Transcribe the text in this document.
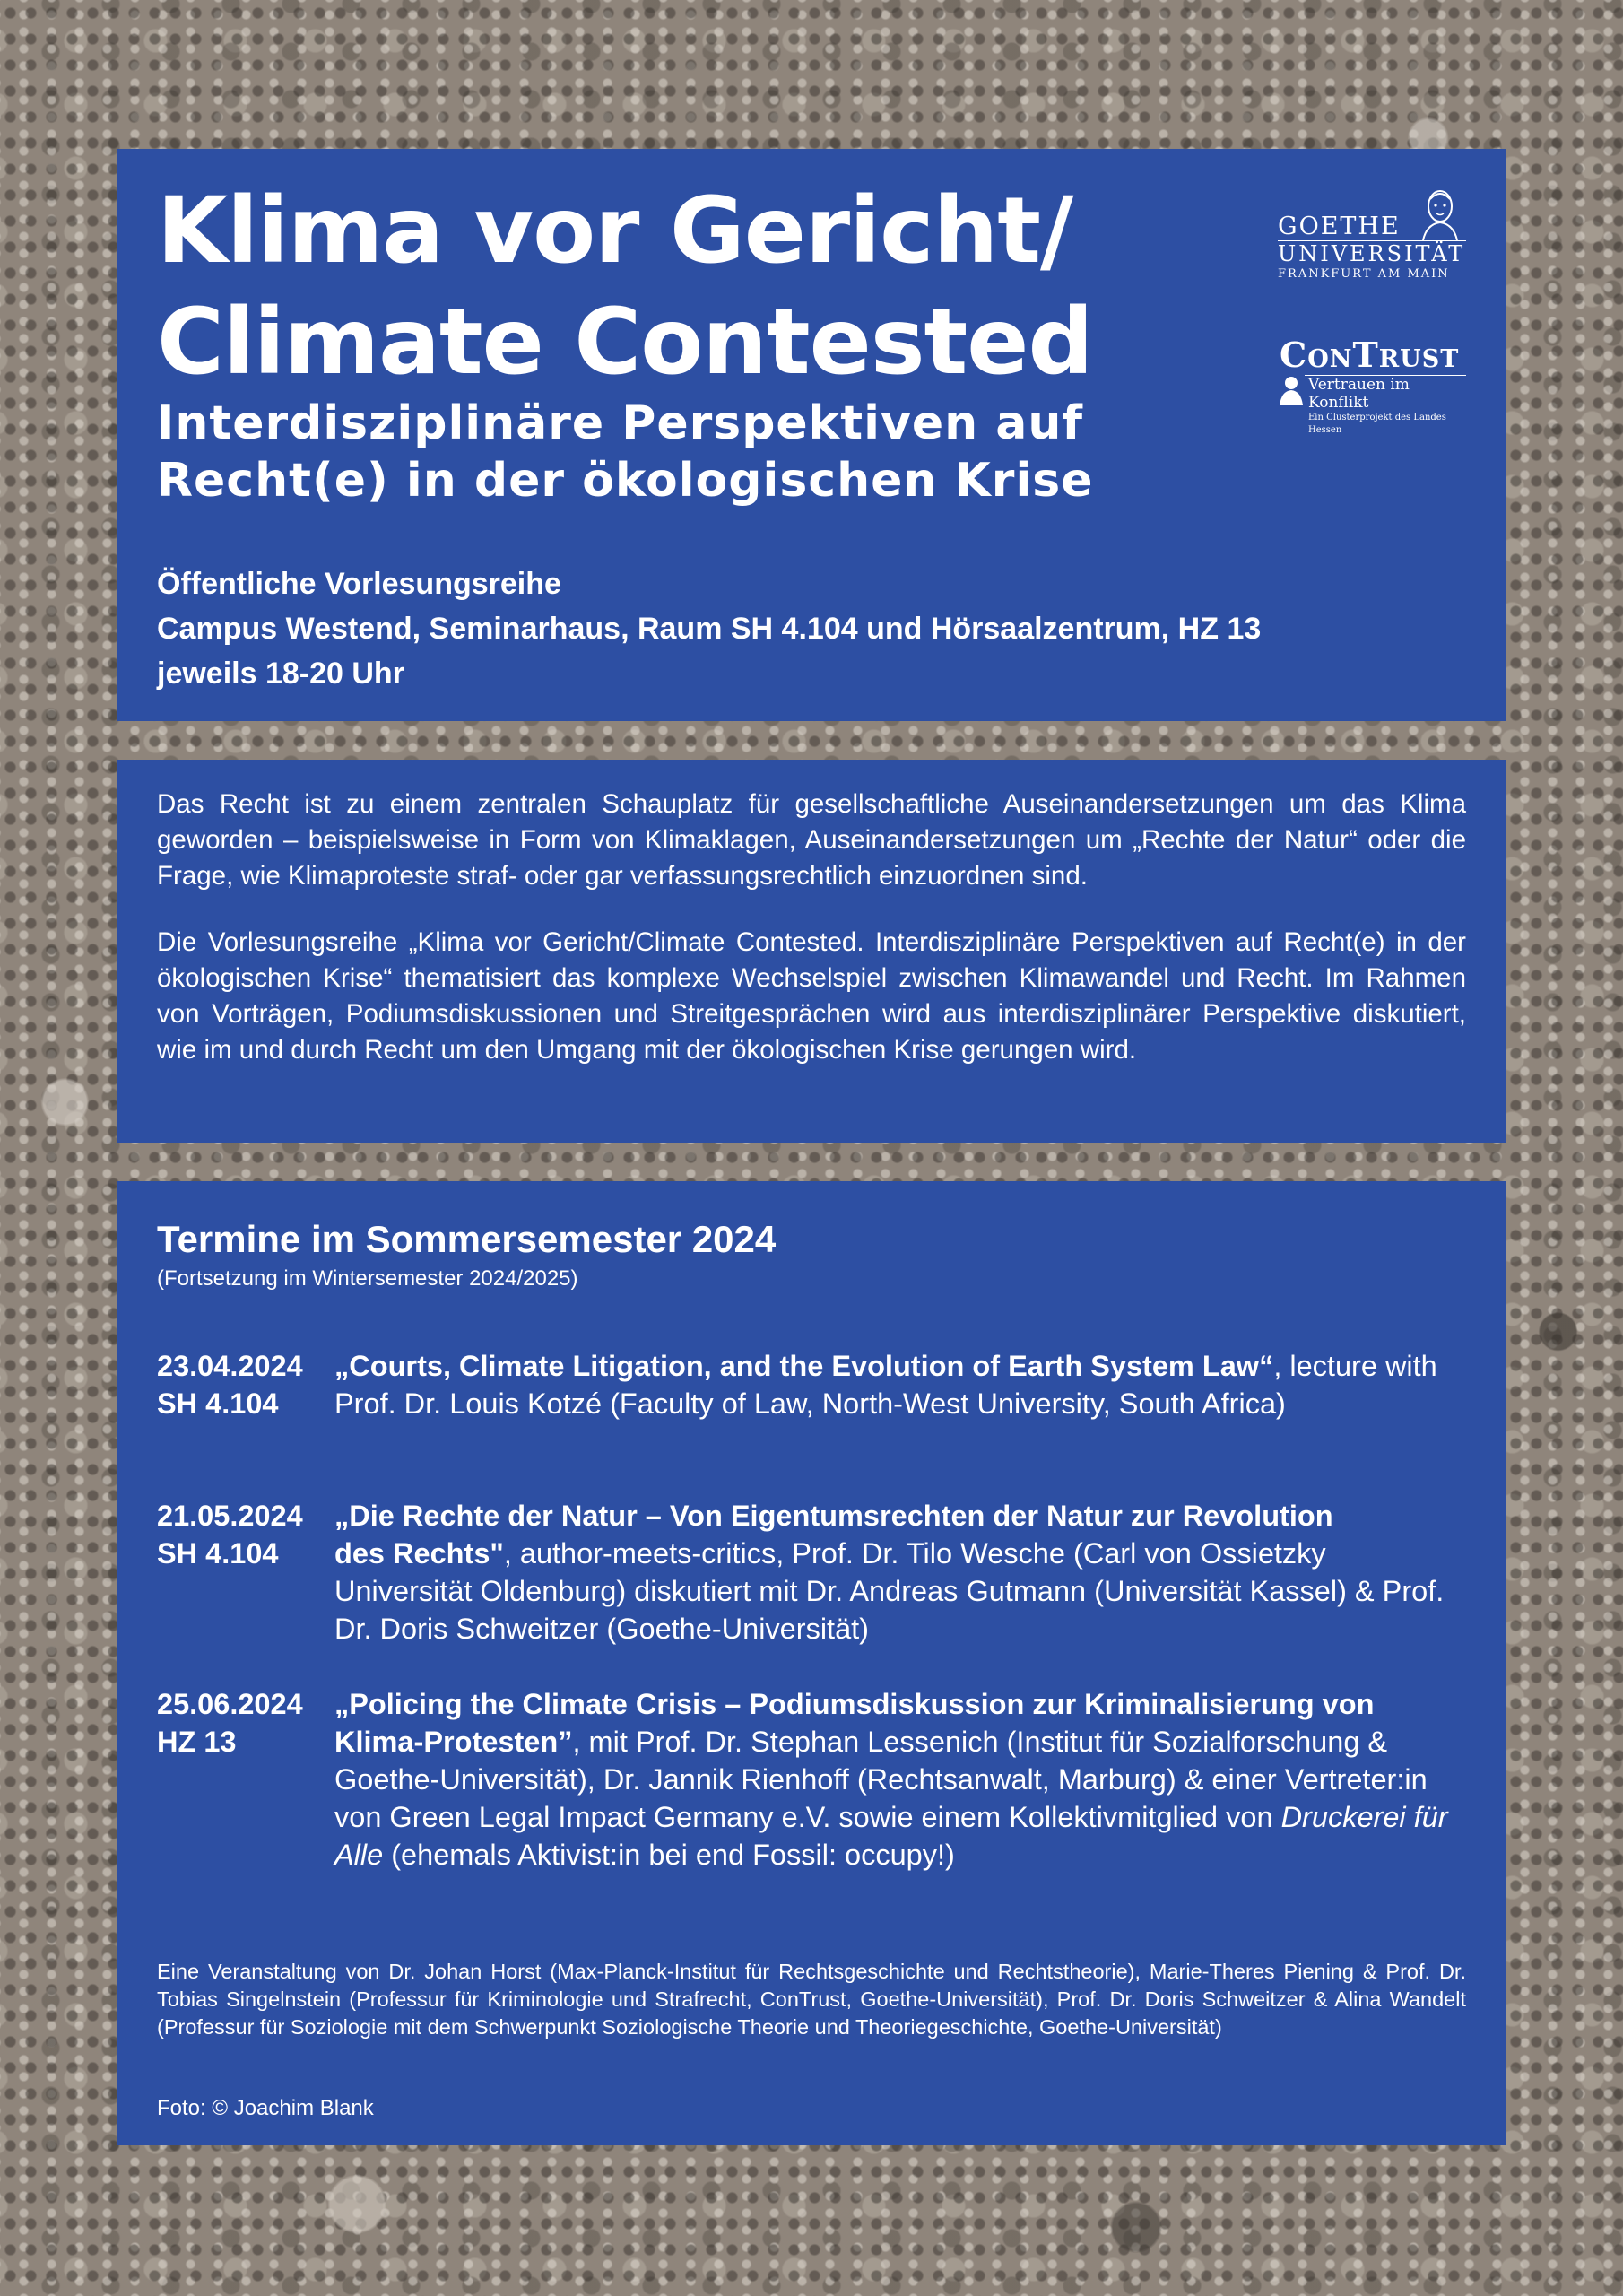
Klima vor Gericht/
Climate Contested
Interdisziplinäre Perspektiven auf
Recht(e) in der ökologischen Krise
Öffentliche Vorlesungsreihe
Campus Westend, Seminarhaus, Raum SH 4.104 und Hörsaalzentrum, HZ 13
jeweils 18-20 Uhr
GOETHE
UNIVERSITÄT
FRANKFURT AM MAIN
ConTrust
Vertrauen im Konflikt
Ein Clusterprojekt des Landes Hessen

Das Recht ist zu einem zentralen Schauplatz für gesellschaftliche Auseinandersetzungen um das Klima geworden – beispielsweise in Form von Klimaklagen, Auseinandersetzungen um „Rechte der Natur“ oder die Frage, wie Klimaproteste straf- oder gar verfassungsrechtlich einzuordnen sind.

Die Vorlesungsreihe „Klima vor Gericht/Climate Contested. Interdisziplinäre Perspektiven auf Recht(e) in der ökologischen Krise“ thematisiert das komplexe Wechselspiel zwischen Klimawandel und Recht. Im Rahmen von Vorträgen, Podiumsdiskussionen und Streitgesprächen wird aus interdisziplinärer Perspektive diskutiert, wie im und durch Recht um den Umgang mit der ökologischen Krise gerungen wird.

Termine im Sommersemester 2024
(Fortsetzung im Wintersemester 2024/2025)
23.04.2024
SH 4.104
„Courts, Climate Litigation, and the Evolution of Earth System Law“, lecture with Prof. Dr. Louis Kotzé (Faculty of Law, North-West University, South Africa)
21.05.2024
SH 4.104
„Die Rechte der Natur – Von Eigentumsrechten der Natur zur Revolution
des Rechts", author-meets-critics, Prof. Dr. Tilo Wesche (Carl von Ossietzky Universität Oldenburg) diskutiert mit Dr. Andreas Gutmann (Universität Kassel) & Prof. Dr. Doris Schweitzer (Goethe-Universität)
25.06.2024
HZ 13
„Policing the Climate Crisis – Podiumsdiskussion zur Kriminalisierung von
Klima-Protesten”, mit Prof. Dr. Stephan Lessenich (Institut für Sozialforschung & Goethe-Universität), Dr. Jannik Rienhoff (Rechtsanwalt, Marburg) & einer Vertreter:in von Green Legal Impact Germany e.V. sowie einem Kollektivmitglied von Druckerei für Alle (ehemals Aktivist:in bei end Fossil: occupy!)
Eine Veranstaltung von Dr. Johan Horst (Max-Planck-Institut für Rechtsgeschichte und Rechtstheorie), Marie-Theres Piening & Prof. Dr. Tobias Singelnstein (Professur für Kriminologie und Strafrecht, ConTrust, Goethe-Universität), Prof. Dr. Doris Schweitzer & Alina Wandelt (Professur für Soziologie mit dem Schwerpunkt Soziologische Theorie und Theoriegeschichte, Goethe-Universität)
Foto: © Joachim Blank
